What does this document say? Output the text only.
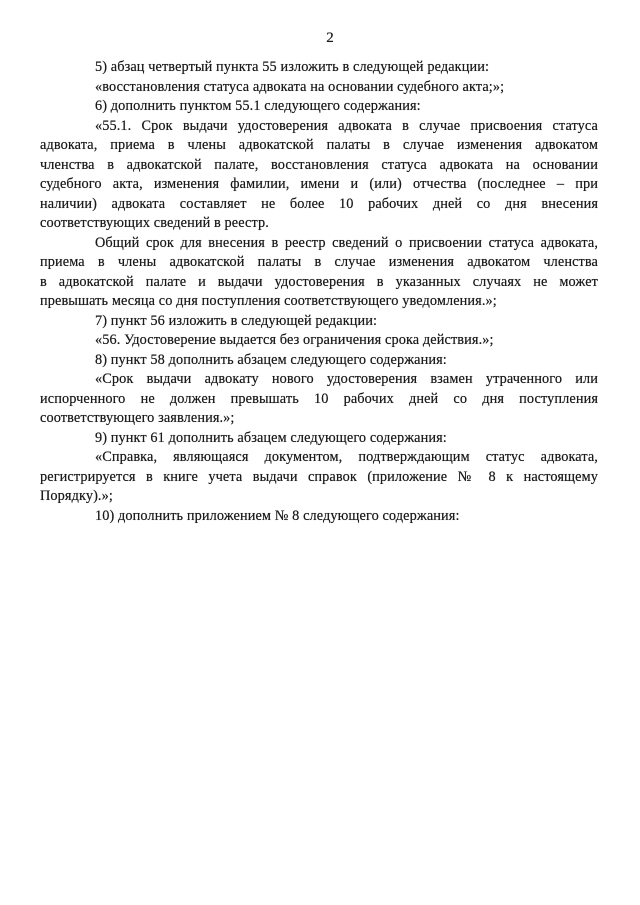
2
5) абзац четвертый пункта 55 изложить в следующей редакции:
«восстановления статуса адвоката на основании судебного акта;»;
6) дополнить пунктом 55.1 следующего содержания:
«55.1. Срок выдачи удостоверения адвоката в случае присвоения статуса
адвоката, приема в члены адвокатской палаты в случае изменения адвокатом
членства в адвокатской палате, восстановления статуса адвоката на основании
судебного акта, изменения фамилии, имени и (или) отчества (последнее – при
наличии) адвоката составляет не более 10 рабочих дней со дня внесения
соответствующих сведений в реестр.
Общий срок для внесения в реестр сведений о присвоении статуса адвоката,
приема в члены адвокатской палаты в случае изменения адвокатом членства
в адвокатской палате и выдачи удостоверения в указанных случаях не может
превышать месяца со дня поступления соответствующего уведомления.»;
7) пункт 56 изложить в следующей редакции:
«56. Удостоверение выдается без ограничения срока действия.»;
8) пункт 58 дополнить абзацем следующего содержания:
«Срок выдачи адвокату нового удостоверения взамен утраченного или
испорченного не должен превышать 10 рабочих дней со дня поступления
соответствующего заявления.»;
9) пункт 61 дополнить абзацем следующего содержания:
«Справка, являющаяся документом, подтверждающим статус адвоката,
регистрируется в книге учета выдачи справок (приложение № 8 к настоящему
Порядку).»;
10) дополнить приложением № 8 следующего содержания:
